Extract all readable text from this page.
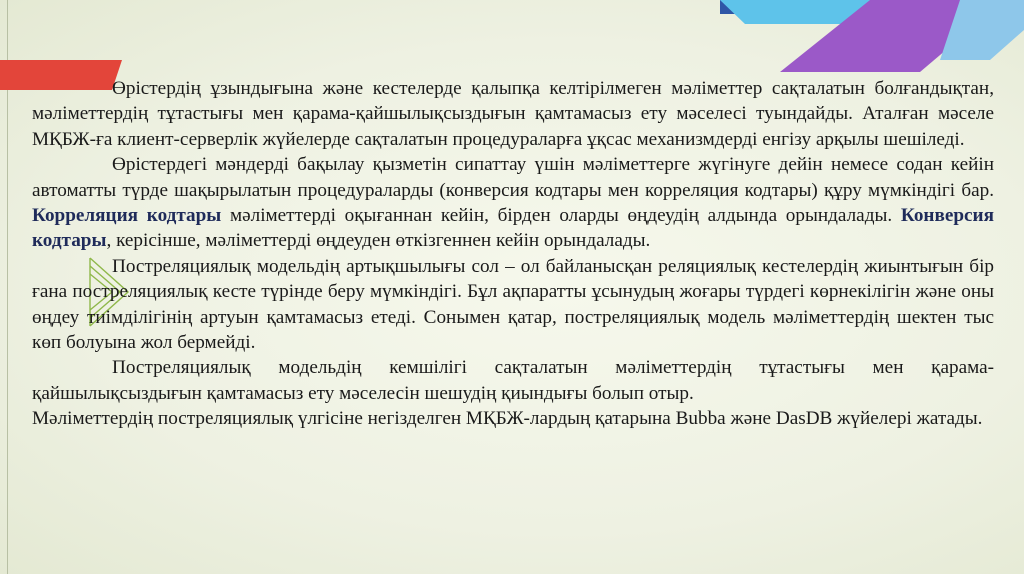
Өрістердің ұзындығына және кестелерде қалыпқа келтірілмеген мәліметтер сақталатын болғандықтан, мәліметтердің тұтастығы мен қарама-қайшылықсыздығын қамтамасыз ету мәселесі туындайды. Аталған мәселе МҚБЖ-ға клиент-серверлік жүйелерде сақталатын процедураларға ұқсас механизмдерді енгізу арқылы шешіледі.

Өрістердегі мәндерді бақылау қызметін сипаттау үшін мәліметтерге жүгінуге дейін немесе содан кейін автоматты түрде шақырылатын процедураларды (конверсия кодтары мен корреляция кодтары) құру мүмкіндігі бар. Корреляция кодтары мәліметтерді оқығаннан кейін, бірден оларды өңдеудің алдында орындалады. Конверсия кодтары, керісінше, мәліметтерді өңдеуден өткізгеннен кейін орындалады.

Постреляциялық модельдің артықшылығы сол – ол байланысқан реляциялық кестелердің жиынтығын бір ғана постреляциялық кесте түрінде беру мүмкіндігі. Бұл ақпаратты ұсынудың жоғары түрдегі көрнекілігін және оны өңдеу тиімділігінің артуын қамтамасыз етеді. Сонымен қатар, постреляциялық модель мәліметтердің шектен тыс көп болуына жол бермейді.

Постреляциялық модельдің кемшілігі сақталатын мәліметтердің тұтастығы мен қарама-қайшылықсыздығын қамтамасыз ету мәселесін шешудің қиындығы болып отыр.

Мәліметтердің постреляциялық үлгісіне негізделген МҚБЖ-лардың қатарына Bubba және DasDB жүйелері жатады.
